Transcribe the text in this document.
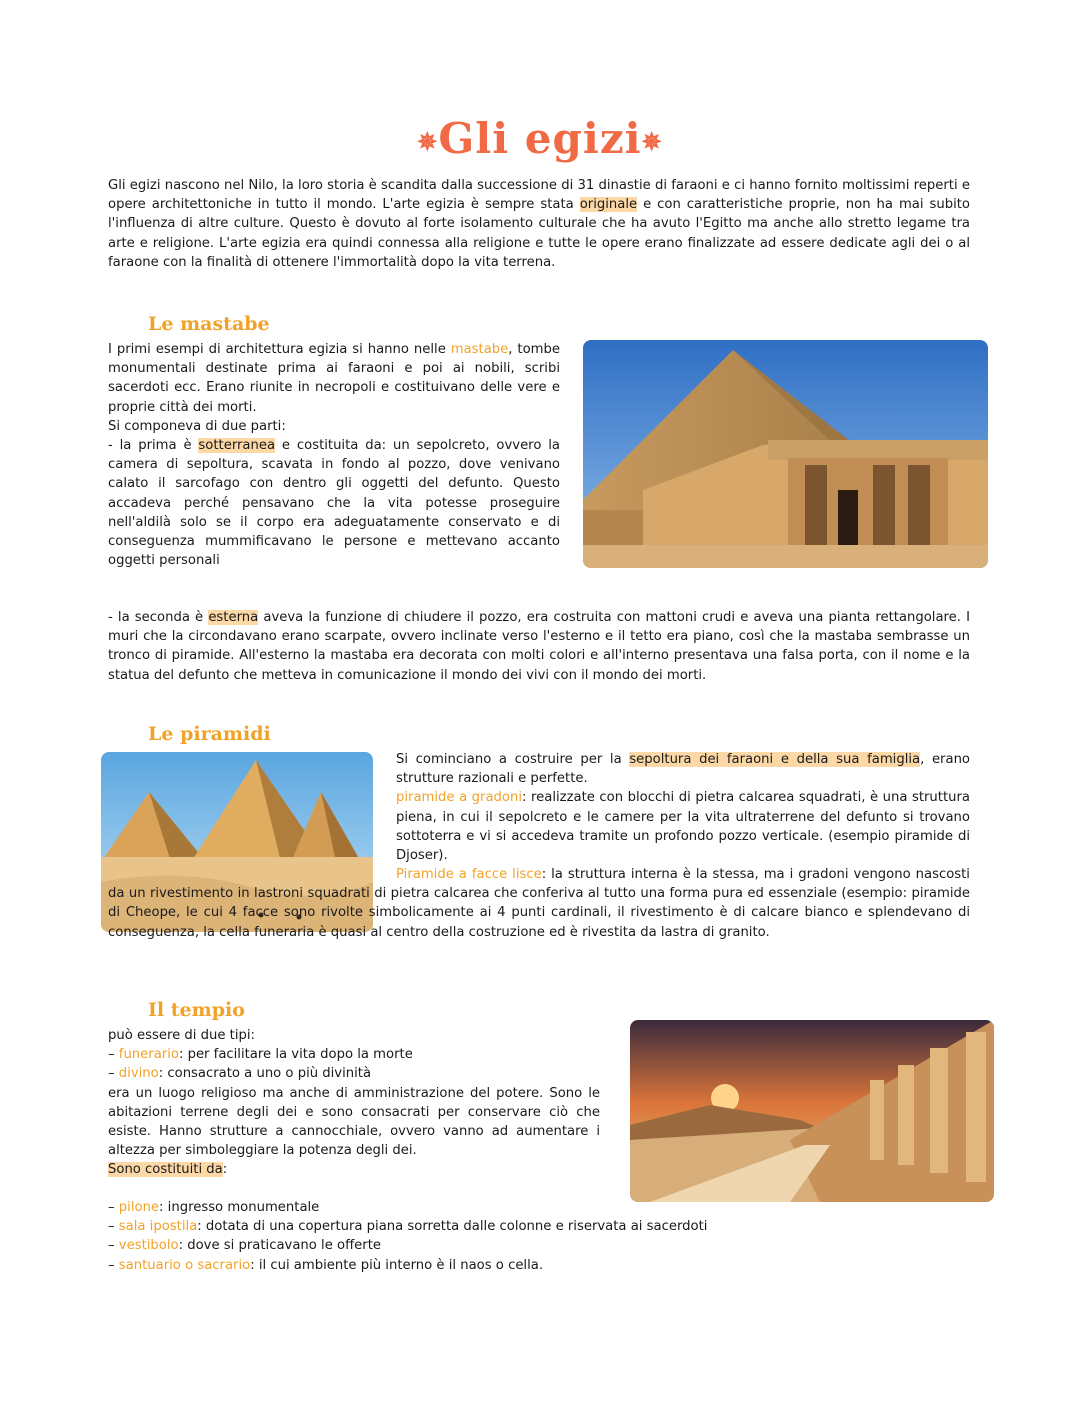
✵Gli egizi✵
Gli egizi nascono nel Nilo, la loro storia è scandita dalla successione di 31 dinastie di faraoni e ci hanno fornito moltissimi reperti e opere architettoniche in tutto il mondo. L'arte egizia è sempre stata originale e con caratteristiche proprie, non ha mai subito l'influenza di altre culture. Questo è dovuto al forte isolamento culturale che ha avuto l'Egitto ma anche allo stretto legame tra arte e religione. L'arte egizia era quindi connessa alla religione e tutte le opere erano finalizzate ad essere dedicate agli dei o al faraone con la finalità di ottenere l'immortalità dopo la vita terrena.
Le mastabe

I primi esempi di architettura egizia si hanno nelle mastabe, tombe monumentali destinate prima ai faraoni e poi ai nobili, scribi sacerdoti ecc. Erano riunite in necropoli e costituivano delle vere e proprie città dei morti.

Si componeva di due parti:

- la prima è sotterranea e costituita da: un sepolcreto, ovvero la camera di sepoltura, scavata in fondo al pozzo, dove venivano calato il sarcofago con dentro gli oggetti del defunto. Questo accadeva perché pensavano che la vita potesse proseguire nell'aldilà solo se il corpo era adeguatamente conservato e di conseguenza mummificavano le persone e mettevano accanto oggetti personali

- la seconda è esterna aveva la funzione di chiudere il pozzo, era costruita con mattoni crudi e aveva una pianta rettangolare. I muri che la circondavano erano scarpate, ovvero inclinate verso l'esterno e il tetto era piano, così che la mastaba sembrasse un tronco di piramide. All'esterno la mastaba era decorata con molti colori e all'interno presentava una falsa porta, con il nome e la statua del defunto che metteva in comunicazione il mondo dei vivi con il mondo dei morti.

Le piramidi

Si cominciano a costruire per la sepoltura dei faraoni e della sua famiglia, erano strutture razionali e perfette.

piramide a gradoni: realizzate con blocchi di pietra calcarea squadrati, è una struttura piena, in cui il sepolcreto e le camere per la vita ultraterrene del defunto si trovano sottoterra e vi si accedeva tramite un profondo pozzo verticale. (esempio piramide di Djoser).

Piramide a facce lisce: la struttura interna è la stessa, ma i gradoni vengono nascosti da un rivestimento in lastroni squadrati di pietra calcarea che conferiva al tutto una forma pura ed essenziale (esempio: piramide di Cheope, le cui 4 facce sono rivolte simbolicamente ai 4 punti cardinali, il rivestimento è di calcare bianco e splendevano di conseguenza, la cella funeraria è quasi al centro della costruzione ed è rivestita da lastra di granito.

Il tempio

può essere di due tipi:

– funerario: per facilitare la vita dopo la morte

– divino: consacrato a uno o più divinità

era un luogo religioso ma anche di amministrazione del potere. Sono le abitazioni terrene degli dei e sono consacrati per conservare ciò che esiste. Hanno strutture a cannocchiale, ovvero vanno ad aumentare i altezza per simboleggiare la potenza degli dei.

Sono costituiti da:

– pilone: ingresso monumentale

– sala ipostila: dotata di una copertura piana sorretta dalle colonne e riservata ai sacerdoti

– vestibolo: dove si praticavano le offerte

– santuario o sacrario: il cui ambiente più interno è il naos o cella.
